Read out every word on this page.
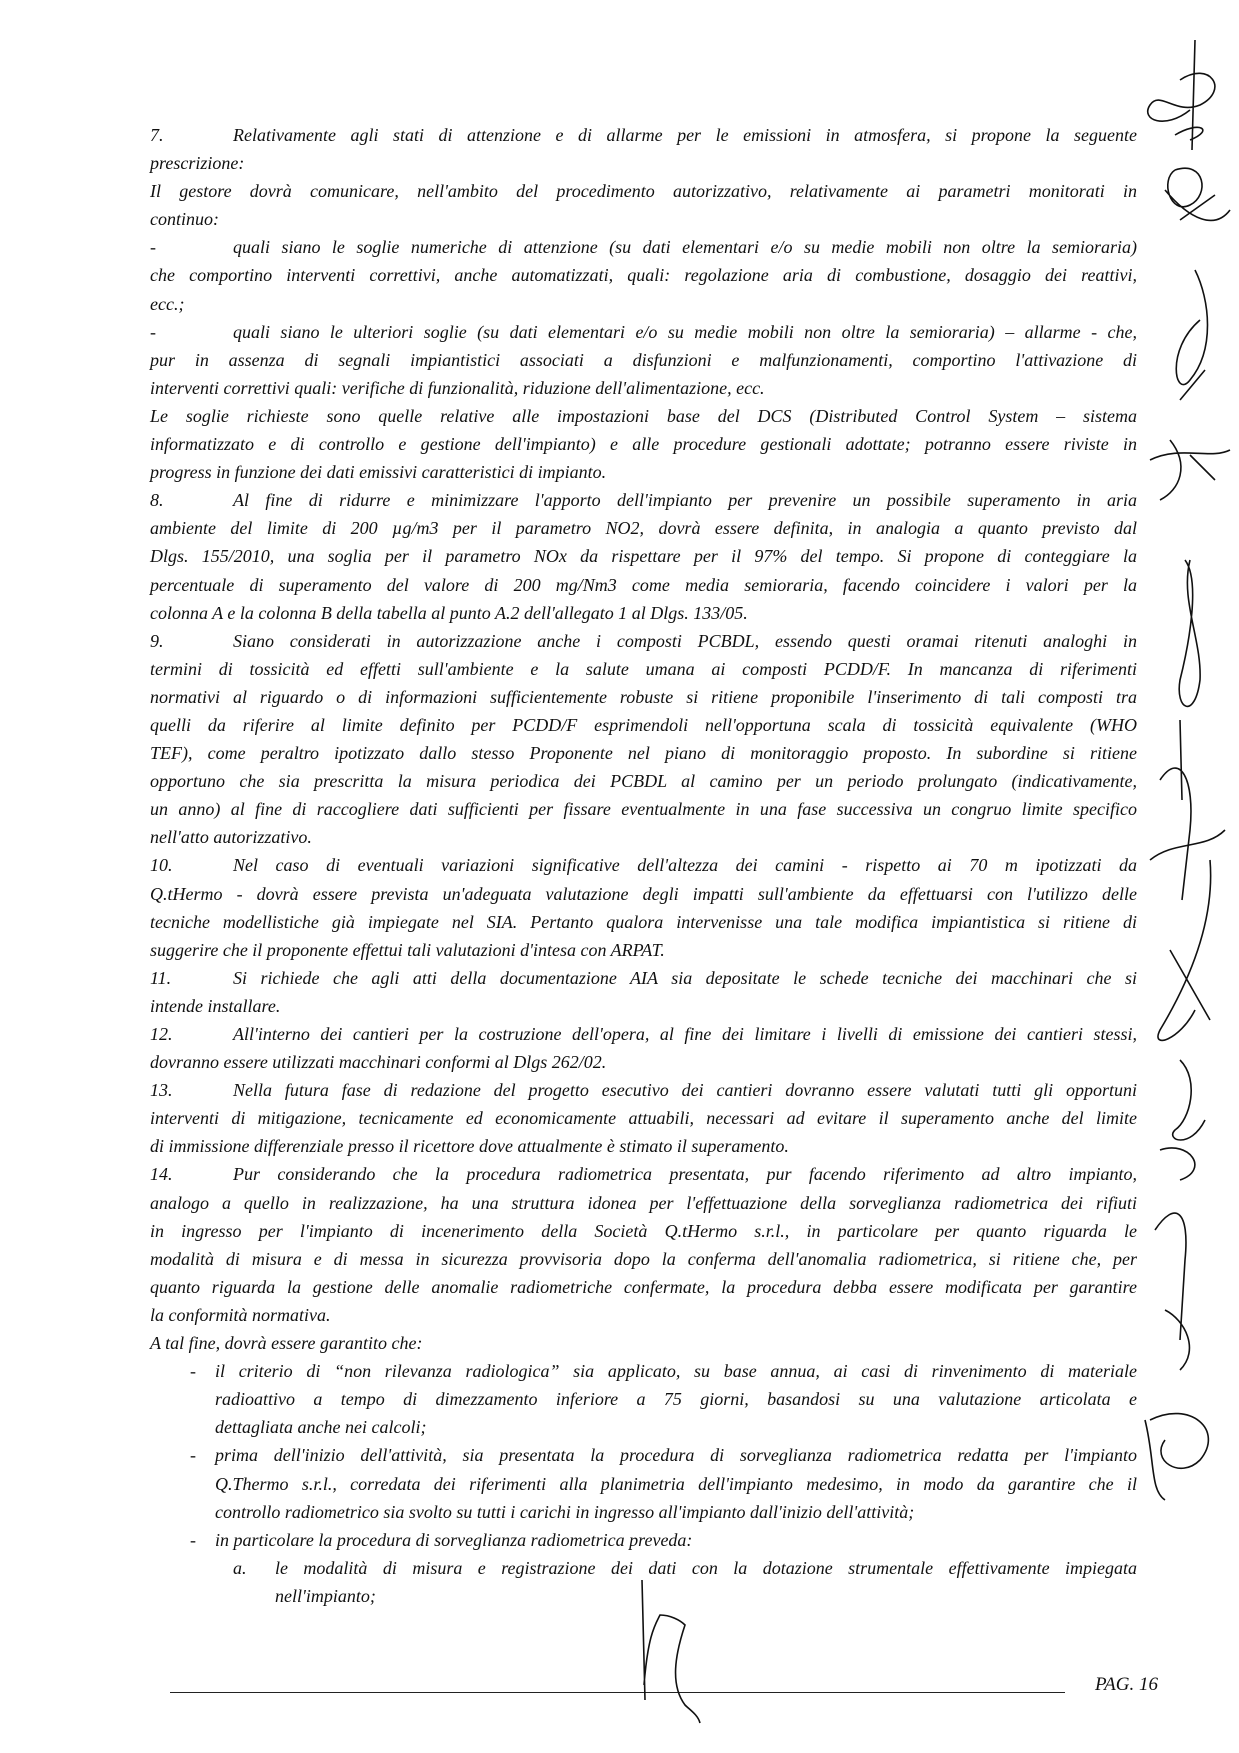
7.	Relativamente agli stati di attenzione e di allarme per le emissioni in atmosfera, si propone la seguente
prescrizione:
Il gestore dovrà comunicare, nell'ambito del procedimento autorizzativo, relativamente ai parametri monitorati in
continuo:
-	quali siano le soglie numeriche di attenzione (su dati elementari e/o su medie mobili non oltre la semioraria)
che comportino interventi correttivi, anche automatizzati, quali: regolazione aria di combustione, dosaggio dei reattivi,
ecc.;
-	quali siano le ulteriori soglie (su dati elementari e/o su medie mobili non oltre la semioraria) – allarme - che,
pur in assenza di segnali impiantistici associati a disfunzioni e malfunzionamenti, comportino l'attivazione di
interventi correttivi quali: verifiche di funzionalità, riduzione dell'alimentazione, ecc.
Le soglie richieste sono quelle relative alle impostazioni base del DCS (Distributed Control System – sistema
informatizzato e di controllo e gestione dell'impianto) e alle procedure gestionali adottate; potranno essere riviste in
progress in funzione dei dati emissivi caratteristici di impianto.
8.	Al fine di ridurre e minimizzare l'apporto dell'impianto per prevenire un possibile superamento in aria
ambiente del limite di 200 µg/m3 per il parametro NO2, dovrà essere definita, in analogia a quanto previsto dal
Dlgs. 155/2010, una soglia per il parametro NOx da rispettare per il 97% del tempo. Si propone di conteggiare la
percentuale di superamento del valore di 200 mg/Nm3 come media semioraria, facendo coincidere i valori per la
colonna A e la colonna B della tabella al punto A.2 dell'allegato 1 al Dlgs. 133/05.
9.	Siano considerati in autorizzazione anche i composti PCBDL, essendo questi oramai ritenuti analoghi in
termini di tossicità ed effetti sull'ambiente e la salute umana ai composti PCDD/F. In mancanza di riferimenti
normativi al riguardo o di informazioni sufficientemente robuste si ritiene proponibile l'inserimento di tali composti tra
quelli da riferire al limite definito per PCDD/F esprimendoli nell'opportuna scala di tossicità equivalente (WHO
TEF), come peraltro ipotizzato dallo stesso Proponente nel piano di monitoraggio proposto. In subordine si ritiene
opportuno che sia prescritta la misura periodica dei PCBDL al camino per un periodo prolungato (indicativamente,
un anno) al fine di raccogliere dati sufficienti per fissare eventualmente in una fase successiva un congruo limite specifico
nell'atto autorizzativo.
10.	Nel caso di eventuali variazioni significative dell'altezza dei camini - rispetto ai 70 m ipotizzati da
Q.tHermo - dovrà essere prevista un'adeguata valutazione degli impatti sull'ambiente da effettuarsi con l'utilizzo delle
tecniche modellistiche già impiegate nel SIA. Pertanto qualora intervenisse una tale modifica impiantistica si ritiene di
suggerire che il proponente effettui tali valutazioni d'intesa con ARPAT.
11.	Si richiede che agli atti della documentazione AIA sia depositate le schede tecniche dei macchinari che si
intende installare.
12.	All'interno dei cantieri per la costruzione dell'opera, al fine dei limitare i livelli di emissione dei cantieri stessi,
dovranno essere utilizzati macchinari conformi al Dlgs 262/02.
13.	Nella futura fase di redazione del progetto esecutivo dei cantieri dovranno essere valutati tutti gli opportuni
interventi di mitigazione, tecnicamente ed economicamente attuabili, necessari ad evitare il superamento anche del limite
di immissione differenziale presso il ricettore dove attualmente è stimato il superamento.
14.	Pur considerando che la procedura radiometrica presentata, pur facendo riferimento ad altro impianto,
analogo a quello in realizzazione, ha una struttura idonea per l'effettuazione della sorveglianza radiometrica dei rifiuti
in ingresso per l'impianto di incenerimento della Società Q.tHermo s.r.l., in particolare per quanto riguarda le
modalità di misura e di messa in sicurezza provvisoria dopo la conferma dell'anomalia radiometrica, si ritiene che, per
quanto riguarda la gestione delle anomalie radiometriche confermate, la procedura debba essere modificata per garantire
la conformità normativa.
A tal fine, dovrà essere garantito che:
- il criterio di “non rilevanza radiologica” sia applicato, su base annua, ai casi di rinvenimento di materiale
radioattivo a tempo di dimezzamento inferiore a 75 giorni, basandosi su una valutazione articolata e
dettagliata anche nei calcoli;
- prima dell'inizio dell'attività, sia presentata la procedura di sorveglianza radiometrica redatta per l'impianto
Q.Thermo s.r.l., corredata dei riferimenti alla planimetria dell'impianto medesimo, in modo da garantire che il
controllo radiometrico sia svolto su tutti i carichi in ingresso all'impianto dall'inizio dell'attività;
- in particolare la procedura di sorveglianza radiometrica preveda:
a. le modalità di misura e registrazione dei dati con la dotazione strumentale effettivamente impiegata
nell'impianto;
PAG. 16
